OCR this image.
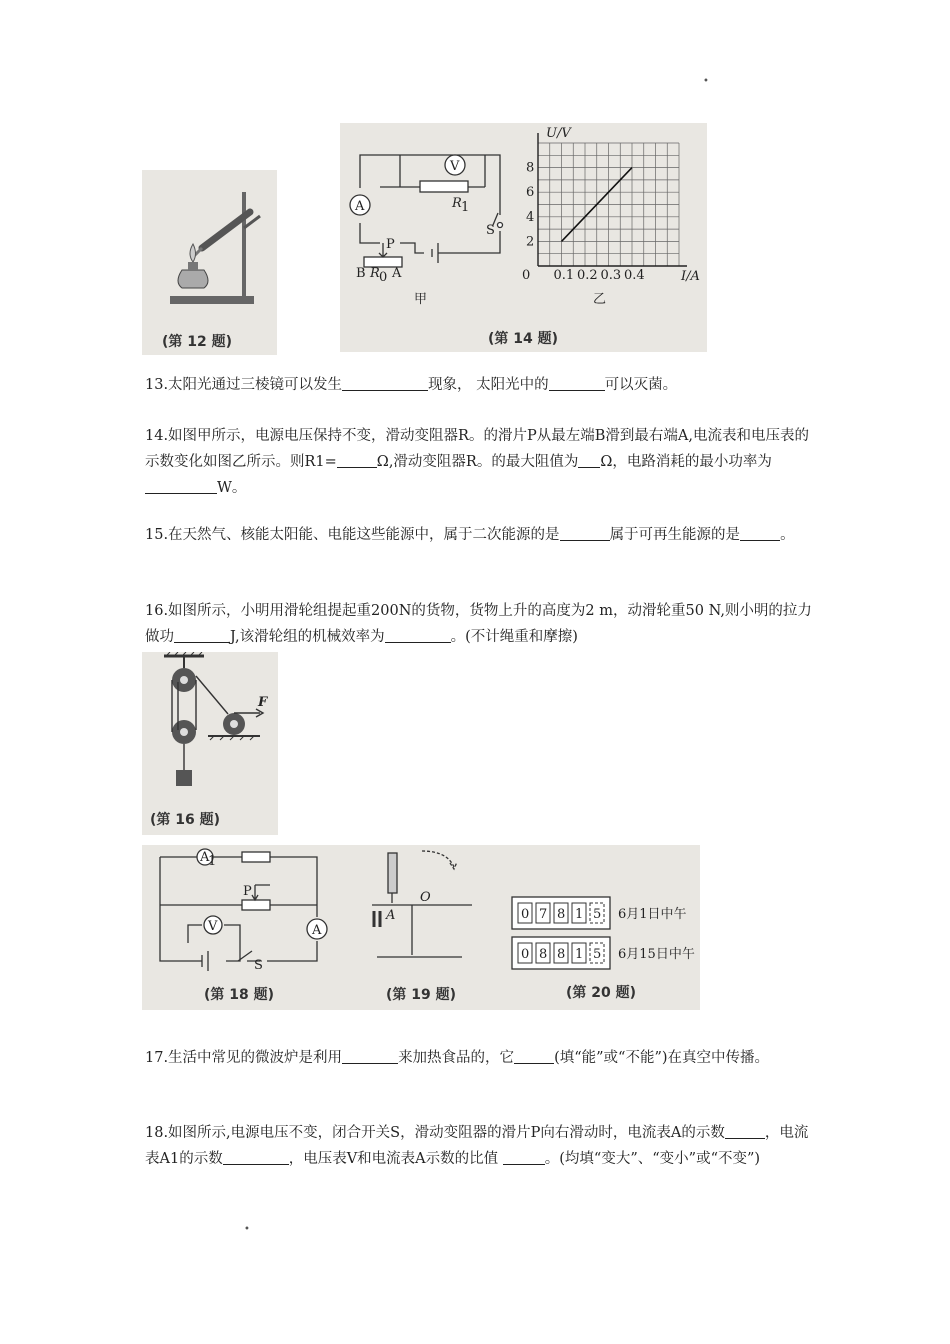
•
(第 12 题)
V
A	R 1
S
P
B R 0 A
甲
0 0.1 0.2 0.3 0.4
2
4
6
8
U/V
I/A
乙
(第 14 题)

13.太阳光通过三棱镜可以发生	现象， 太阳光中的	可以灭菌。

14.如图甲所示，电源电压保持不变，滑动变阻器R。的滑片P从最左端B滑到最右端A,电流表和电压表的示数变化如图乙所示。则R1=	Ω,滑动变阻器R。的最大阻值为 Ω，电路消耗的最小功率为W。

15.在天然气、核能太阳能、电能这些能源中，属于二次能源的是	属于可再生能源的是	。

16.如图所示，小明用滑轮组提起重200N的货物，货物上升的高度为2 m，动滑轮重50 N,则小明的拉力做功	J,该滑轮组的机械效率为	。(不计绳重和摩擦)

F
(第 16 题)
A
1
A
V
P
S
(第 18 题)
A
O
(第 19 题)
0 7 8 1 5 6月1日中午
0 8 8 1 5 6月15日中午
(第 20 题)

17.生活中常见的微波炉是利用	来加热食品的，它	(填“能”或“不能”)在真空中传播。

18.如图所示,电源电压不变，闭合开关S，滑动变阻器的滑片P向右滑动时，电流表A的示数	，电流表A1的示数	，电压表V和电流表A示数的比值	。(均填“变大”、“变小”或“不变”)

•
